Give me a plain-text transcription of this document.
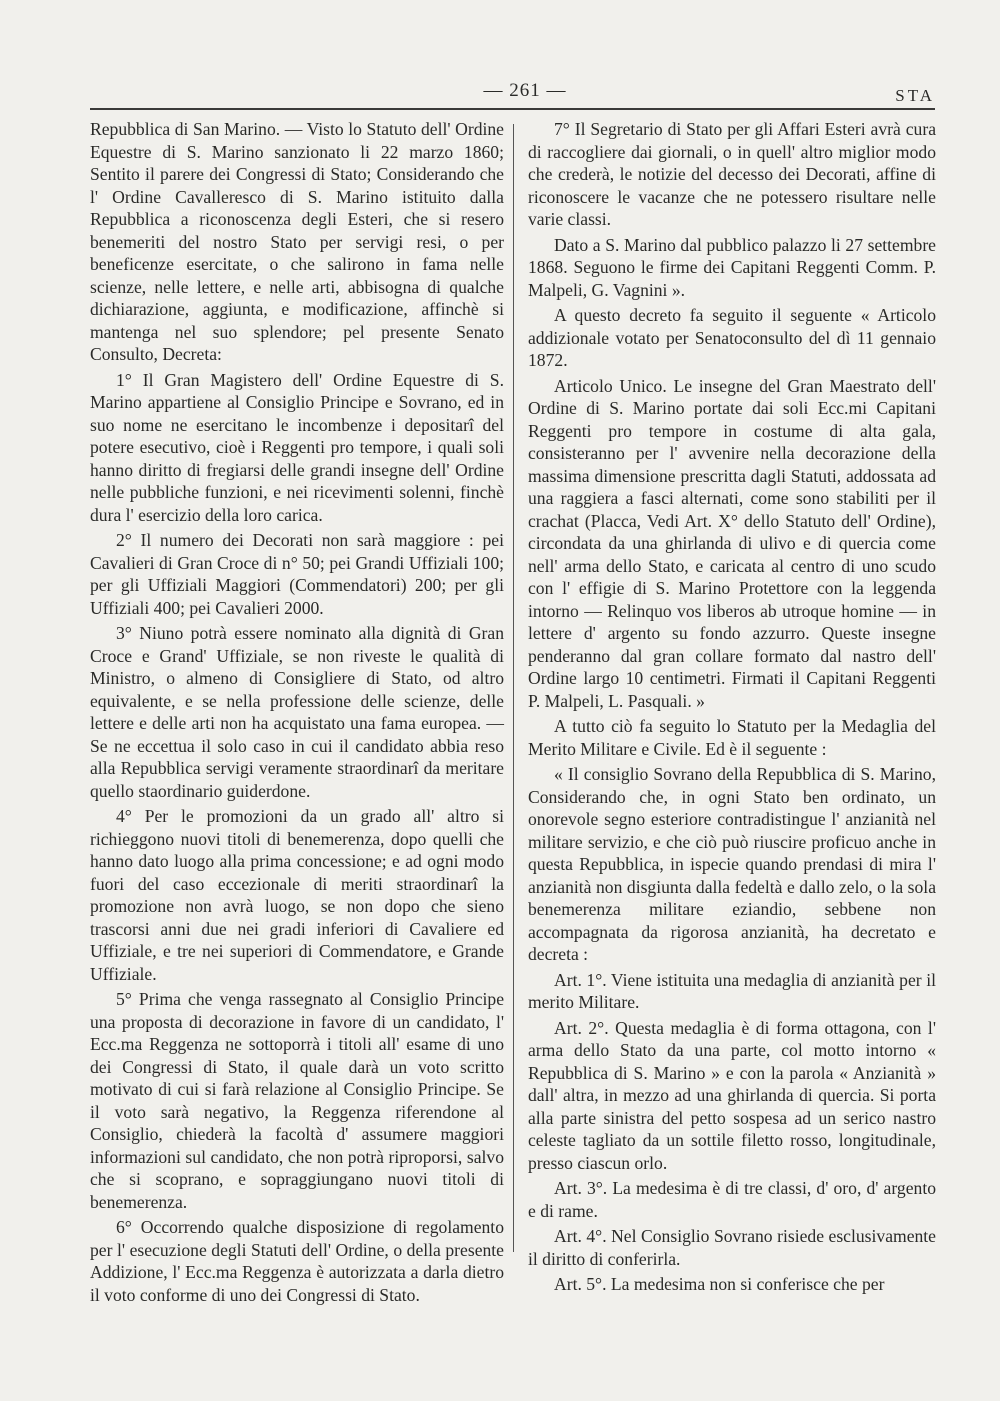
— 261 —	STA

Repubblica di San Marino. — Visto lo Statuto dell' Ordine Equestre di S. Marino sanzionato li 22 marzo 1860; Sentito il parere dei Congressi di Stato; Considerando che l' Ordine Cavalleresco di S. Marino istituito dalla Repubblica a riconoscenza degli Esteri, che si resero benemeriti del nostro Stato per servigi resi, o per beneficenze esercitate, o che salirono in fama nelle scienze, nelle lettere, e nelle arti, abbisogna di qualche dichiarazione, aggiunta, e modificazione, affinchè si mantenga nel suo splendore; pel presente Senato Consulto, Decreta:

1° Il Gran Magistero dell' Ordine Equestre di S. Marino appartiene al Consiglio Principe e Sovrano, ed in suo nome ne esercitano le incombenze i depositarî del potere esecutivo, cioè i Reggenti pro tempore, i quali soli hanno diritto di fregiarsi delle grandi insegne dell' Ordine nelle pubbliche funzioni, e nei ricevimenti solenni, finchè dura l' esercizio della loro carica.

2° Il numero dei Decorati non sarà maggiore : pei Cavalieri di Gran Croce di n° 50; pei Grandi Uffiziali 100; per gli Uffiziali Maggiori (Commendatori) 200; per gli Uffiziali 400; pei Cavalieri 2000.

3° Niuno potrà essere nominato alla dignità di Gran Croce e Grand' Uffiziale, se non riveste le qualità di Ministro, o almeno di Consigliere di Stato, od altro equivalente, e se nella professione delle scienze, delle lettere e delle arti non ha acquistato una fama europea. — Se ne eccettua il solo caso in cui il candidato abbia reso alla Repubblica servigi veramente straordinarî da meritare quello staordinario guiderdone.

4° Per le promozioni da un grado all' altro si richieggono nuovi titoli di benemerenza, dopo quelli che hanno dato luogo alla prima concessione; e ad ogni modo fuori del caso eccezionale di meriti straordinarî la promozione non avrà luogo, se non dopo che sieno trascorsi anni due nei gradi inferiori di Cavaliere ed Uffiziale, e tre nei superiori di Commendatore, e Grande Uffiziale.

5° Prima che venga rassegnato al Consiglio Principe una proposta di decorazione in favore di un candidato, l' Ecc.ma Reggenza ne sottoporrà i titoli all' esame di uno dei Congressi di Stato, il quale darà un voto scritto motivato di cui si farà relazione al Consiglio Principe. Se il voto sarà negativo, la Reggenza riferendone al Consiglio, chiederà la facoltà d' assumere maggiori informazioni sul candidato, che non potrà riproporsi, salvo che si scoprano, e sopraggiungano nuovi titoli di benemerenza.

6° Occorrendo qualche disposizione di regolamento per l' esecuzione degli Statuti dell' Ordine, o della presente Addizione, l' Ecc.ma Reggenza è autorizzata a darla dietro il voto conforme di uno dei Congressi di Stato.

7° Il Segretario di Stato per gli Affari Esteri avrà cura di raccogliere dai giornali, o in quell' altro miglior modo che crederà, le notizie del decesso dei Decorati, affine di riconoscere le vacanze che ne potessero risultare nelle varie classi.

Dato a S. Marino dal pubblico palazzo li 27 settembre 1868. Seguono le firme dei Capitani Reggenti Comm. P. Malpeli, G. Vagnini ».

A questo decreto fa seguito il seguente « Articolo addizionale votato per Senatoconsulto del dì 11 gennaio 1872.

Articolo Unico. Le insegne del Gran Maestrato dell' Ordine di S. Marino portate dai soli Ecc.mi Capitani Reggenti pro tempore in costume di alta gala, consisteranno per l' avvenire nella decorazione della massima dimensione prescritta dagli Statuti, addossata ad una raggiera a fasci alternati, come sono stabiliti per il crachat (Placca, Vedi Art. X° dello Statuto dell' Ordine), circondata da una ghirlanda di ulivo e di quercia come nell' arma dello Stato, e caricata al centro di uno scudo con l' effigie di S. Marino Protettore con la leggenda intorno — Relinquo vos liberos ab utroque homine — in lettere d' argento su fondo azzurro. Queste insegne penderanno dal gran collare formato dal nastro dell' Ordine largo 10 centimetri. Firmati il Capitani Reggenti P. Malpeli, L. Pasquali. »

A tutto ciò fa seguito lo Statuto per la Medaglia del Merito Militare e Civile. Ed è il seguente :

« Il consiglio Sovrano della Repubblica di S. Marino, Considerando che, in ogni Stato ben ordinato, un onorevole segno esteriore contradistingue l' anzianità nel militare servizio, e che ciò può riuscire proficuo anche in questa Repubblica, in ispecie quando prendasi di mira l' anzianità non disgiunta dalla fedeltà e dallo zelo, o la sola benemerenza militare eziandio, sebbene non accompagnata da rigorosa anzianità, ha decretato e decreta :

Art. 1°. Viene istituita una medaglia di anzianità per il merito Militare.

Art. 2°. Questa medaglia è di forma ottagona, con l' arma dello Stato da una parte, col motto intorno « Repubblica di S. Marino » e con la parola « Anzianità » dall' altra, in mezzo ad una ghirlanda di quercia. Si porta alla parte sinistra del petto sospesa ad un serico nastro celeste tagliato da un sottile filetto rosso, longitudinale, presso ciascun orlo.

Art. 3°. La medesima è di tre classi, d' oro, d' argento e di rame.

Art. 4°. Nel Consiglio Sovrano risiede esclusivamente il diritto di conferirla.

Art. 5°. La medesima non si conferisce che per
